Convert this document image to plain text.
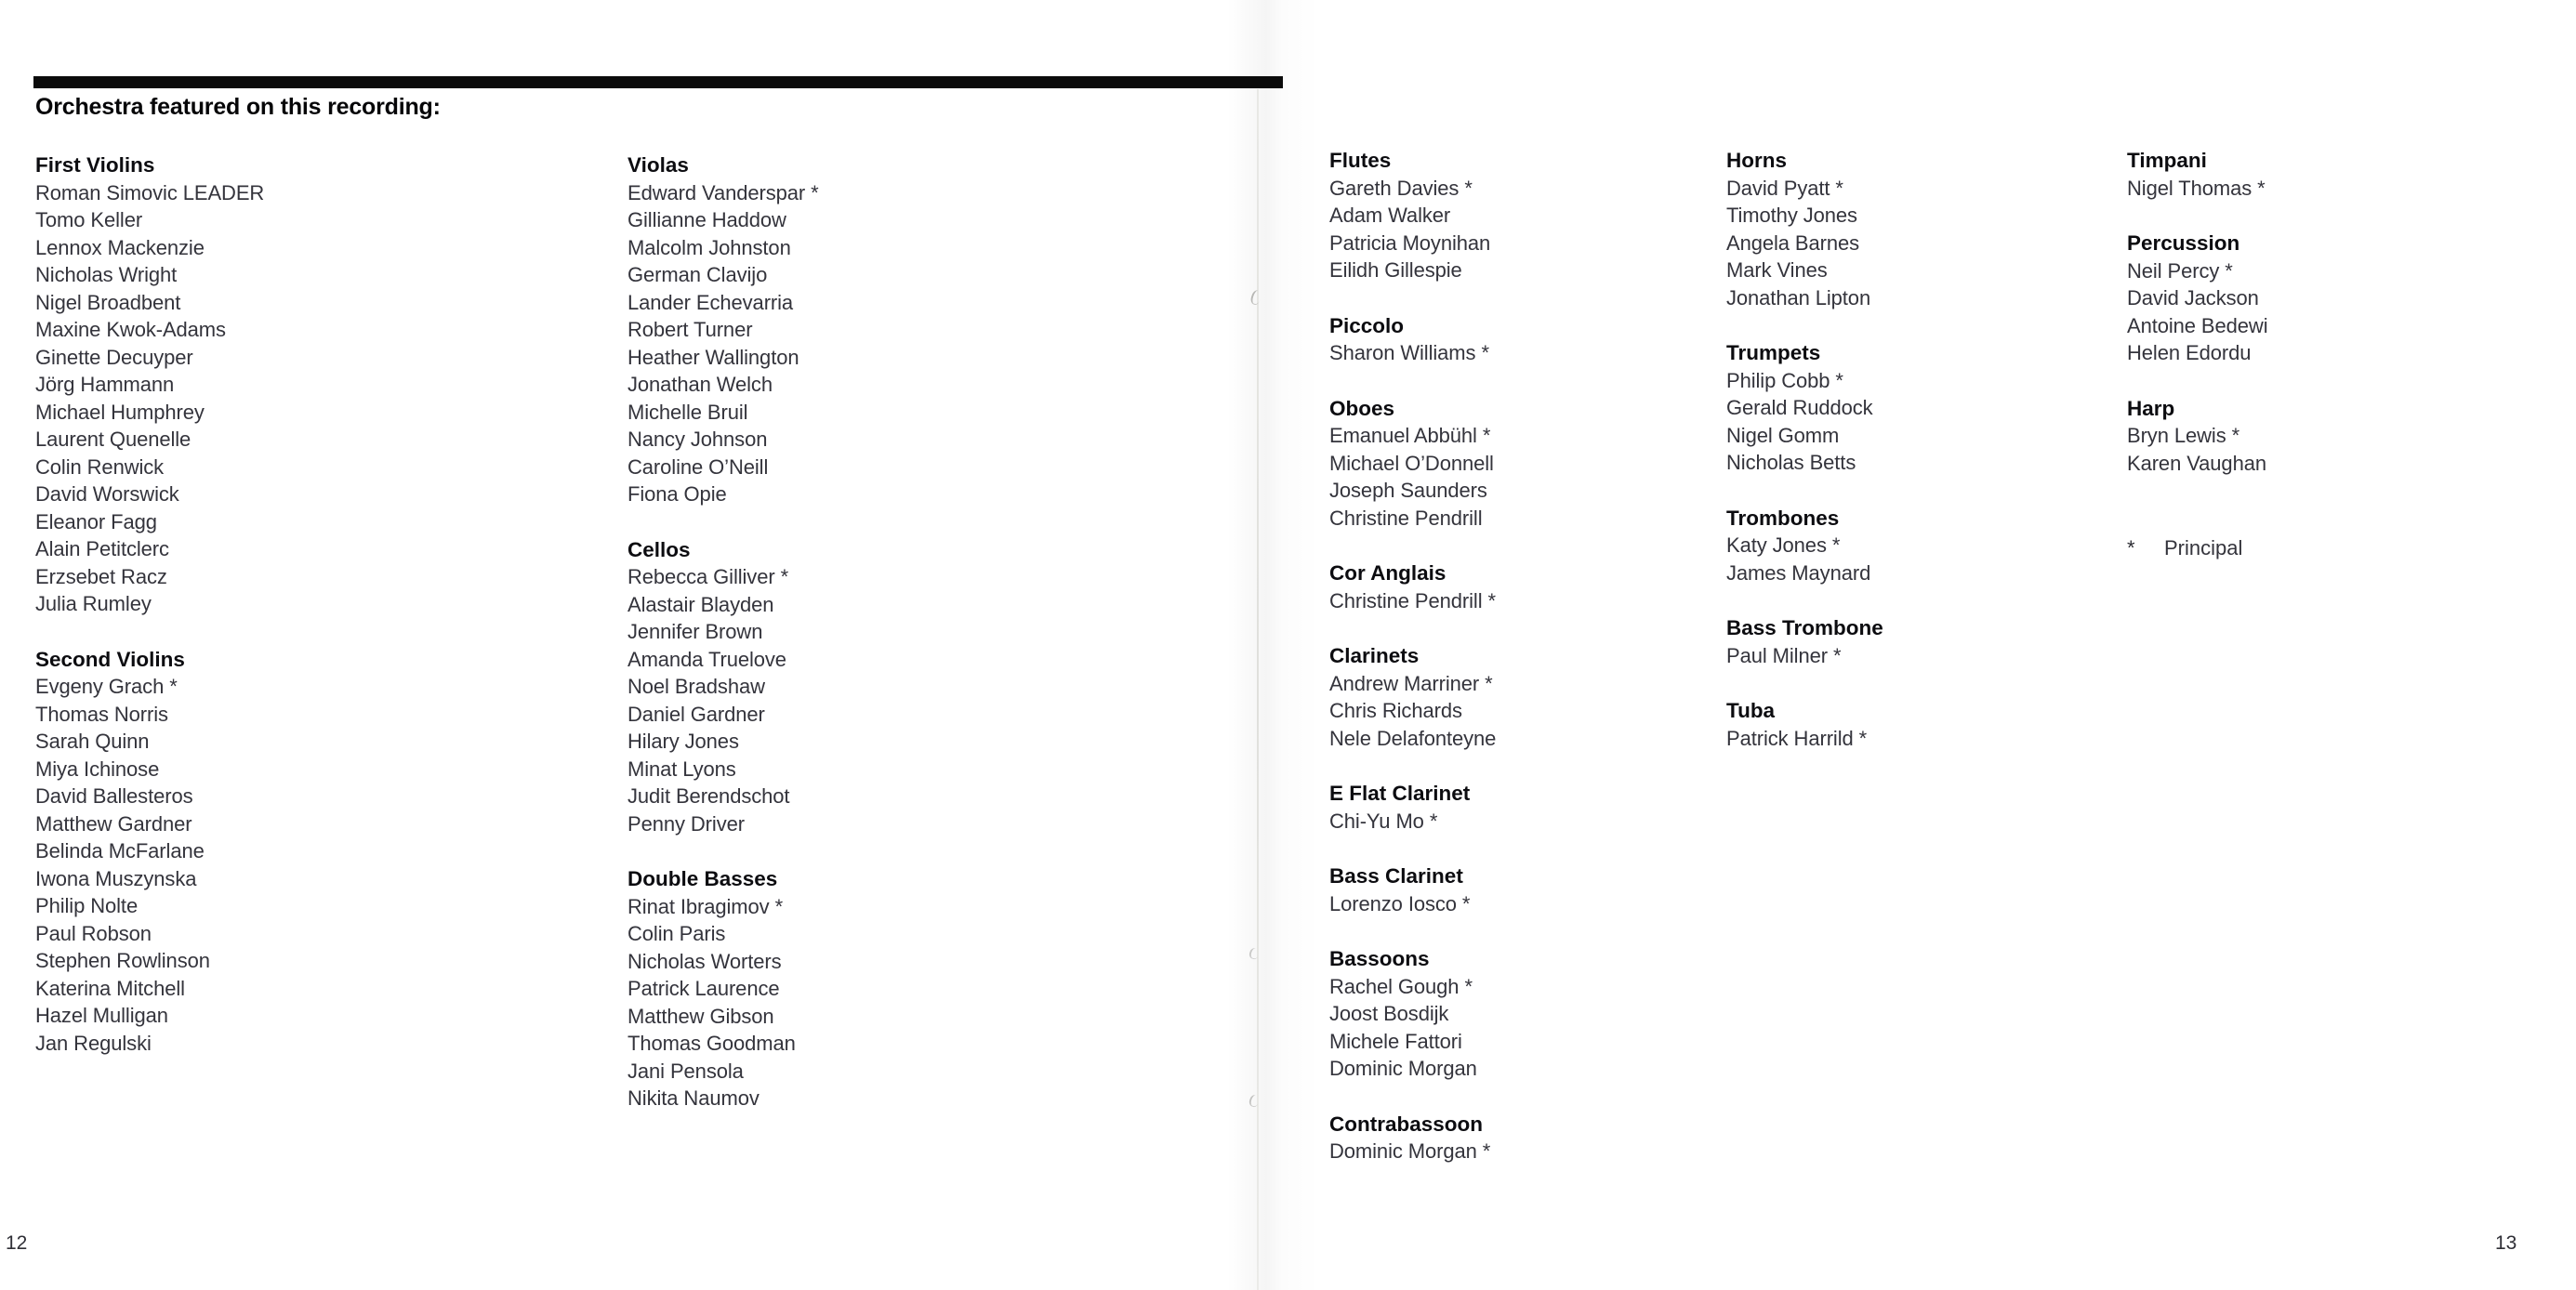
Orchestra featured on this recording:
First Violins
Roman Simovic LEADER
Tomo Keller
Lennox Mackenzie
Nicholas Wright
Nigel Broadbent
Maxine Kwok-Adams
Ginette Decuyper
Jörg Hammann
Michael Humphrey
Laurent Quenelle
Colin Renwick
David Worswick
Eleanor Fagg
Alain Petitclerc
Erzsebet Racz
Julia Rumley
Second Violins
Evgeny Grach *
Thomas Norris
Sarah Quinn
Miya Ichinose
David Ballesteros
Matthew Gardner
Belinda McFarlane
Iwona Muszynska
Philip Nolte
Paul Robson
Stephen Rowlinson
Katerina Mitchell
Hazel Mulligan
Jan Regulski
Violas
Edward Vanderspar *
Gillianne Haddow
Malcolm Johnston
German Clavijo
Lander Echevarria
Robert Turner
Heather Wallington
Jonathan Welch
Michelle Bruil
Nancy Johnson
Caroline O’Neill
Fiona Opie
Cellos
Rebecca Gilliver *
Alastair Blayden
Jennifer Brown
Amanda Truelove
Noel Bradshaw
Daniel Gardner
Hilary Jones
Minat Lyons
Judit Berendschot
Penny Driver
Double Basses
Rinat Ibragimov *
Colin Paris
Nicholas Worters
Patrick Laurence
Matthew Gibson
Thomas Goodman
Jani Pensola
Nikita Naumov
Flutes
Gareth Davies *
Adam Walker
Patricia Moynihan
Eilidh Gillespie
Piccolo
Sharon Williams *
Oboes
Emanuel Abbühl *
Michael O’Donnell
Joseph Saunders
Christine Pendrill
Cor Anglais
Christine Pendrill *
Clarinets
Andrew Marriner *
Chris Richards
Nele Delafonteyne
E Flat Clarinet
Chi-Yu Mo *
Bass Clarinet
Lorenzo Iosco *
Bassoons
Rachel Gough *
Joost Bosdijk
Michele Fattori
Dominic Morgan
Contrabassoon
Dominic Morgan *
Horns
David Pyatt *
Timothy Jones
Angela Barnes
Mark Vines
Jonathan Lipton
Trumpets
Philip Cobb *
Gerald Ruddock
Nigel Gomm
Nicholas Betts
Trombones
Katy Jones *
James Maynard
Bass Trombone
Paul Milner *
Tuba
Patrick Harrild *
Timpani
Nigel Thomas *
Percussion
Neil Percy *
David Jackson
Antoine Bedewi
Helen Edordu
Harp
Bryn Lewis *
Karen Vaughan
*	Principal
12	13
